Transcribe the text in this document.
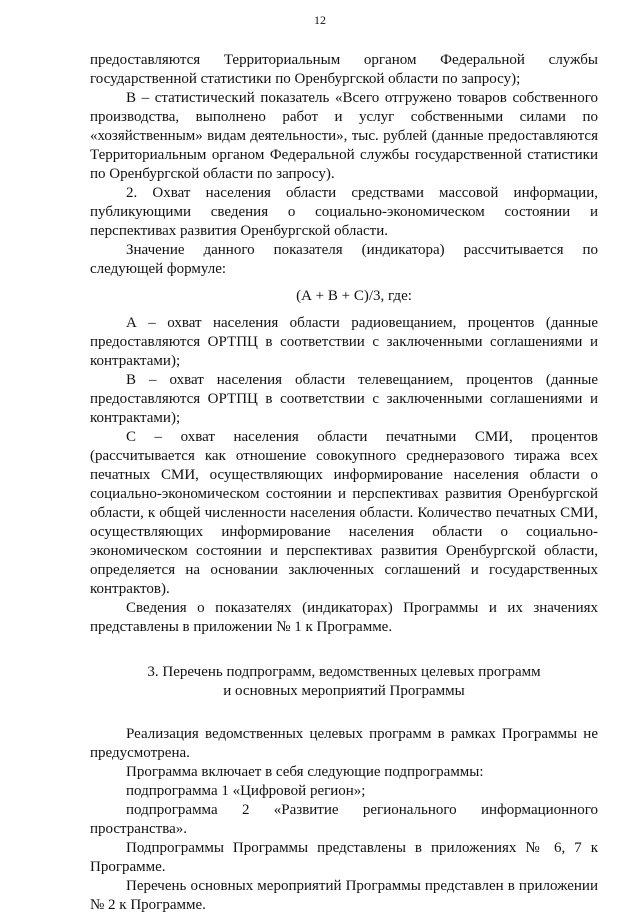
12

предоставляются Территориальным органом Федеральной службы государственной статистики по Оренбургской области по запросу);

В – статистический показатель «Всего отгружено товаров собственного производства, выполнено работ и услуг собственными силами по «хозяйственным» видам деятельности», тыс. рублей (данные предоставляются Территориальным органом Федеральной службы государственной статистики по Оренбургской области по запросу).

2. Охват населения области средствами массовой информации, публикующими сведения о социально-экономическом состоянии и перспективах развития Оренбургской области.

Значение данного показателя (индикатора) рассчитывается по следующей формуле:

(А + В + С)/3, где:

А – охват населения области радиовещанием, процентов (данные предоставляются ОРТПЦ в соответствии с заключенными соглашениями и контрактами);

В – охват населения области телевещанием, процентов (данные предоставляются ОРТПЦ в соответствии с заключенными соглашениями и контрактами);

С – охват населения области печатными СМИ, процентов (рассчитывается как отношение совокупного среднеразового тиража всех печатных СМИ, осуществляющих информирование населения области о социально-экономическом состоянии и перспективах развития Оренбургской области, к общей численности населения области. Количество печатных СМИ, осуществляющих информирование населения области о социально-экономическом состоянии и перспективах развития Оренбургской области, определяется на основании заключенных соглашений и государственных контрактов).

Сведения о показателях (индикаторах) Программы и их значениях представлены в приложении № 1 к Программе.

3. Перечень подпрограмм, ведомственных целевых программ
и основных мероприятий Программы

Реализация ведомственных целевых программ в рамках Программы не предусмотрена.

Программа включает в себя следующие подпрограммы:

подпрограмма 1 «Цифровой регион»;

подпрограмма 2 «Развитие регионального информационного пространства».

Подпрограммы Программы представлены в приложениях № 6, 7 к Программе.

Перечень основных мероприятий Программы представлен в приложении № 2 к Программе.
